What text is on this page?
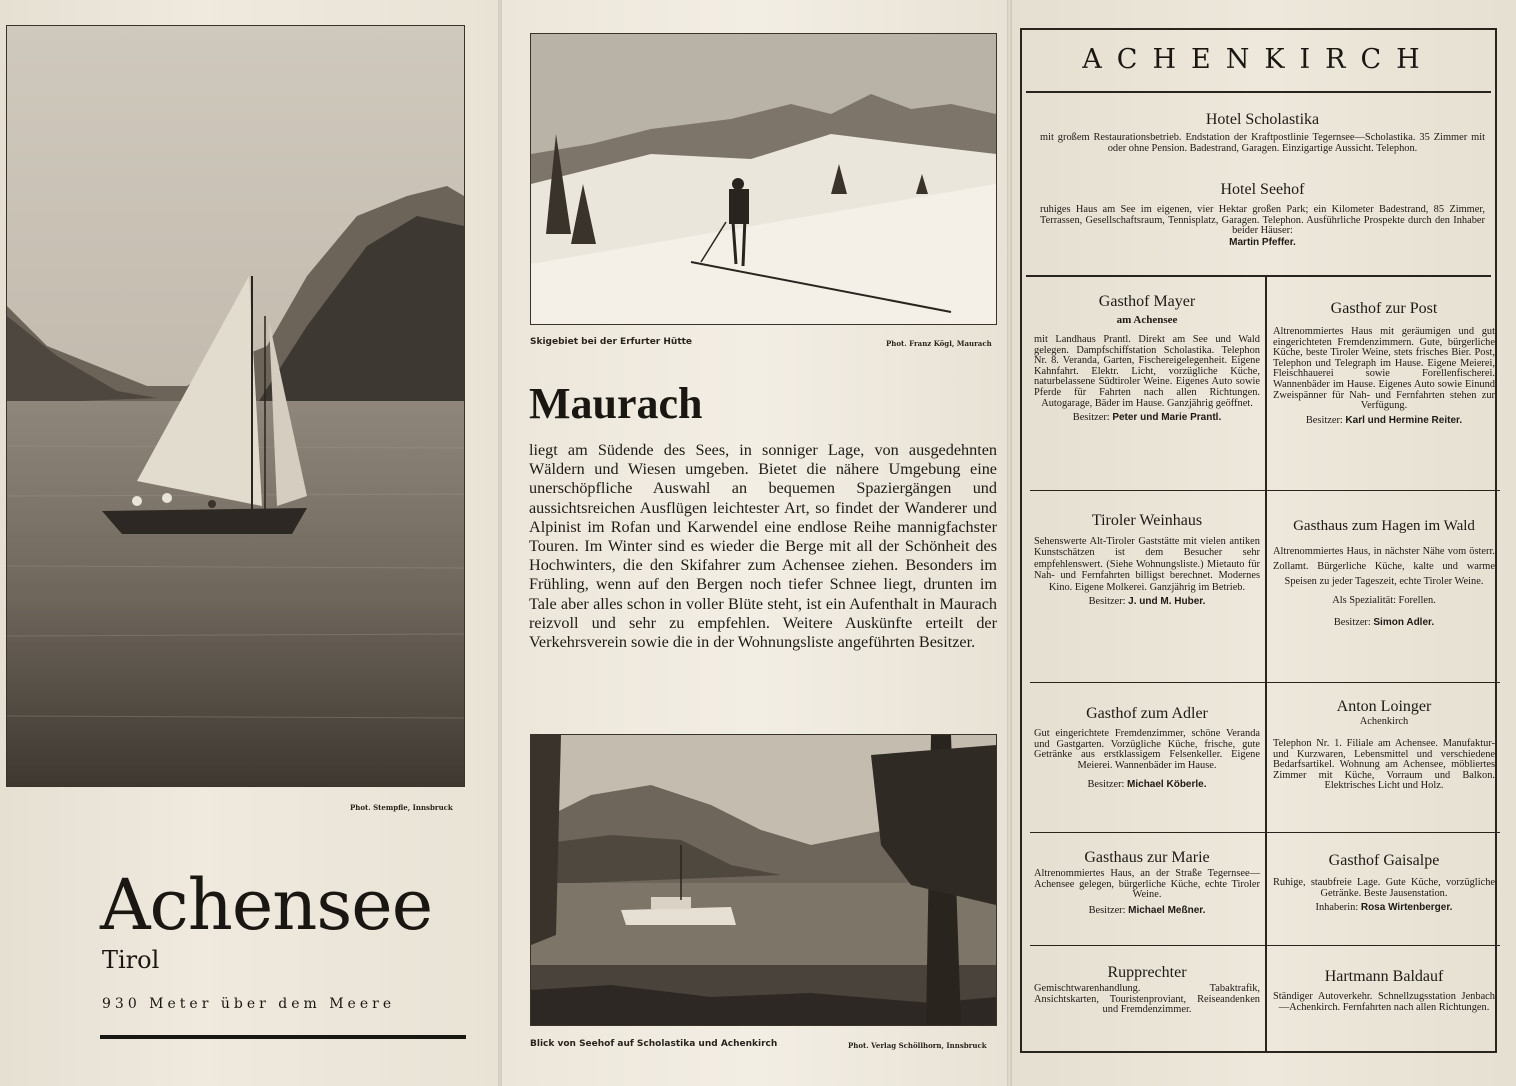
Phot. Stempfle, Innsbruck
Achensee
Tirol
930 Meter über dem Meere
Skigebiet bei der Erfurter Hütte	Phot. Franz Kögl, Maurach
Maurach
liegt am Südende des Sees, in sonniger Lage, von ausgedehnten Wäldern und Wiesen umgeben. Bietet die nähere Umgebung eine unerschöpfliche Auswahl an bequemen Spaziergängen und aussichtsreichen Ausflügen leichtester Art, so findet der Wanderer und Alpinist im Rofan und Karwendel eine endlose Reihe mannigfachster Touren. Im Winter sind es wieder die Berge mit all der Schönheit des Hochwinters, die den Skifahrer zum Achensee ziehen. Besonders im Frühling, wenn auf den Bergen noch tiefer Schnee liegt, drunten im Tale aber alles schon in voller Blüte steht, ist ein Aufenthalt in Maurach reizvoll und sehr zu empfehlen. Weitere Auskünfte erteilt der Verkehrsverein sowie die in der Wohnungsliste angeführten Besitzer.
Blick von Seehof auf Scholastika und Achenkirch	Phot. Verlag Schöllhorn, Innsbruck
ACHENKIRCH
Hotel Scholastika
mit großem Restaurationsbetrieb. Endstation der Kraftpostlinie Tegernsee—Scholastika. 35 Zimmer mit oder ohne Pension. Badestrand, Garagen. Einzigartige Aussicht. Telephon.
Hotel Seehof
ruhiges Haus am See im eigenen, vier Hektar großen Park; ein Kilometer Badestrand, 85 Zimmer, Terrassen, Gesellschaftsraum, Tennisplatz, Garagen. Telephon. Ausführliche Prospekte durch den Inhaber beider Häuser:
Martin Pfeffer.
Gasthof Mayer
am Achensee
mit Landhaus Prantl. Direkt am See und Wald gelegen. Dampfschiffstation Scholastika. Telephon Nr. 8. Veranda, Garten, Fischereigelegenheit. Eigene Kahnfahrt. Elektr. Licht, vorzügliche Küche, naturbelassene Südtiroler Weine. Eigenes Auto sowie Pferde für Fahrten nach allen Richtungen. Autogarage, Bäder im Hause. Ganzjährig geöffnet.
Besitzer: Peter und Marie Prantl.
Gasthof zur Post
Altrenommiertes Haus mit geräumigen und gut eingerichteten Fremdenzimmern. Gute, bürgerliche Küche, beste Tiroler Weine, stets frisches Bier. Post, Telephon und Telegraph im Hause. Eigene Meierei, Fleischhauerei sowie Forellenfischerei. Wannenbäder im Hause. Eigenes Auto sowie Einund Zweispänner für Nah- und Fernfahrten stehen zur Verfügung.
Besitzer: Karl und Hermine Reiter.
Tiroler Weinhaus
Sehenswerte Alt-Tiroler Gaststätte mit vielen antiken Kunstschätzen ist dem Besucher sehr empfehlenswert. (Siehe Wohnungsliste.) Mietauto für Nah- und Fernfahrten billigst berechnet. Modernes Kino. Eigene Molkerei. Ganzjährig im Betrieb.
Besitzer: J. und M. Huber.
Gasthaus zum Hagen im Wald
Altrenommiertes Haus, in nächster Nähe vom österr. Zollamt. Bürgerliche Küche, kalte und warme Speisen zu jeder Tageszeit, echte Tiroler Weine.
Als Spezialität: Forellen.
Besitzer: Simon Adler.
Gasthof zum Adler
Gut eingerichtete Fremdenzimmer, schöne Veranda und Gastgarten. Vorzügliche Küche, frische, gute Getränke aus erstklassigem Felsenkeller. Eigene Meierei. Wannenbäder im Hause.
Besitzer: Michael Köberle.
Anton Loinger
Achenkirch
Telephon Nr. 1. Filiale am Achensee. Manufaktur- und Kurzwaren, Lebensmittel und verschiedene Bedarfsartikel. Wohnung am Achensee, möbliertes Zimmer mit Küche, Vorraum und Balkon. Elektrisches Licht und Holz.
Gasthaus zur Marie
Altrenommiertes Haus, an der Straße Tegernsee—Achensee gelegen, bürgerliche Küche, echte Tiroler Weine.
Besitzer: Michael Meßner.
Gasthof Gaisalpe
Ruhige, staubfreie Lage. Gute Küche, vorzügliche Getränke. Beste Jausenstation.
Inhaberin: Rosa Wirtenberger.
Rupprechter
Gemischtwarenhandlung. Tabaktrafik, Ansichtskarten, Touristenproviant, Reiseandenken und Fremdenzimmer.
Hartmann Baldauf
Ständiger Autoverkehr. Schnellzugsstation Jenbach—Achenkirch. Fernfahrten nach allen Richtungen.
